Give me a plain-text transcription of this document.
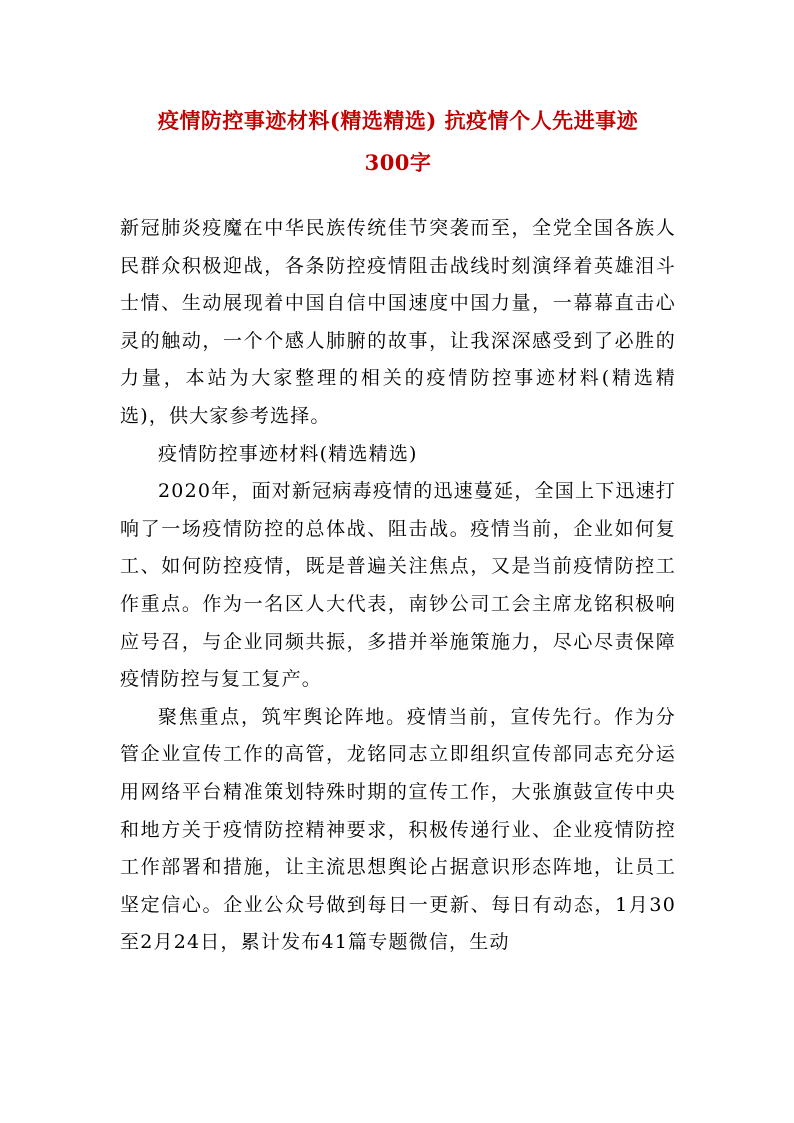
疫情防控事迹材料(精选精选) 抗疫情个人先进事迹
300字

新冠肺炎疫魔在中华民族传统佳节突袭而至，全党全国各族人民群众积极迎战，各条防控疫情阻击战线时刻演绎着英雄泪斗士情、生动展现着中国自信中国速度中国力量，一幕幕直击心灵的触动，一个个感人肺腑的故事，让我深深感受到了必胜的力量，本站为大家整理的相关的疫情防控事迹材料(精选精选)，供大家参考选择。

疫情防控事迹材料(精选精选)

2020年，面对新冠病毒疫情的迅速蔓延，全国上下迅速打响了一场疫情防控的总体战、阻击战。疫情当前，企业如何复工、如何防控疫情，既是普遍关注焦点，又是当前疫情防控工作重点。作为一名区人大代表，南钞公司工会主席龙铭积极响应号召，与企业同频共振，多措并举施策施力，尽心尽责保障疫情防控与复工复产。

聚焦重点，筑牢舆论阵地。疫情当前，宣传先行。作为分管企业宣传工作的高管，龙铭同志立即组织宣传部同志充分运用网络平台精准策划特殊时期的宣传工作，大张旗鼓宣传中央和地方关于疫情防控精神要求，积极传递行业、企业疫情防控工作部署和措施，让主流思想舆论占据意识形态阵地，让员工坚定信心。企业公众号做到每日一更新、每日有动态，1月30至2月24日，累计发布41篇专题微信，生动
